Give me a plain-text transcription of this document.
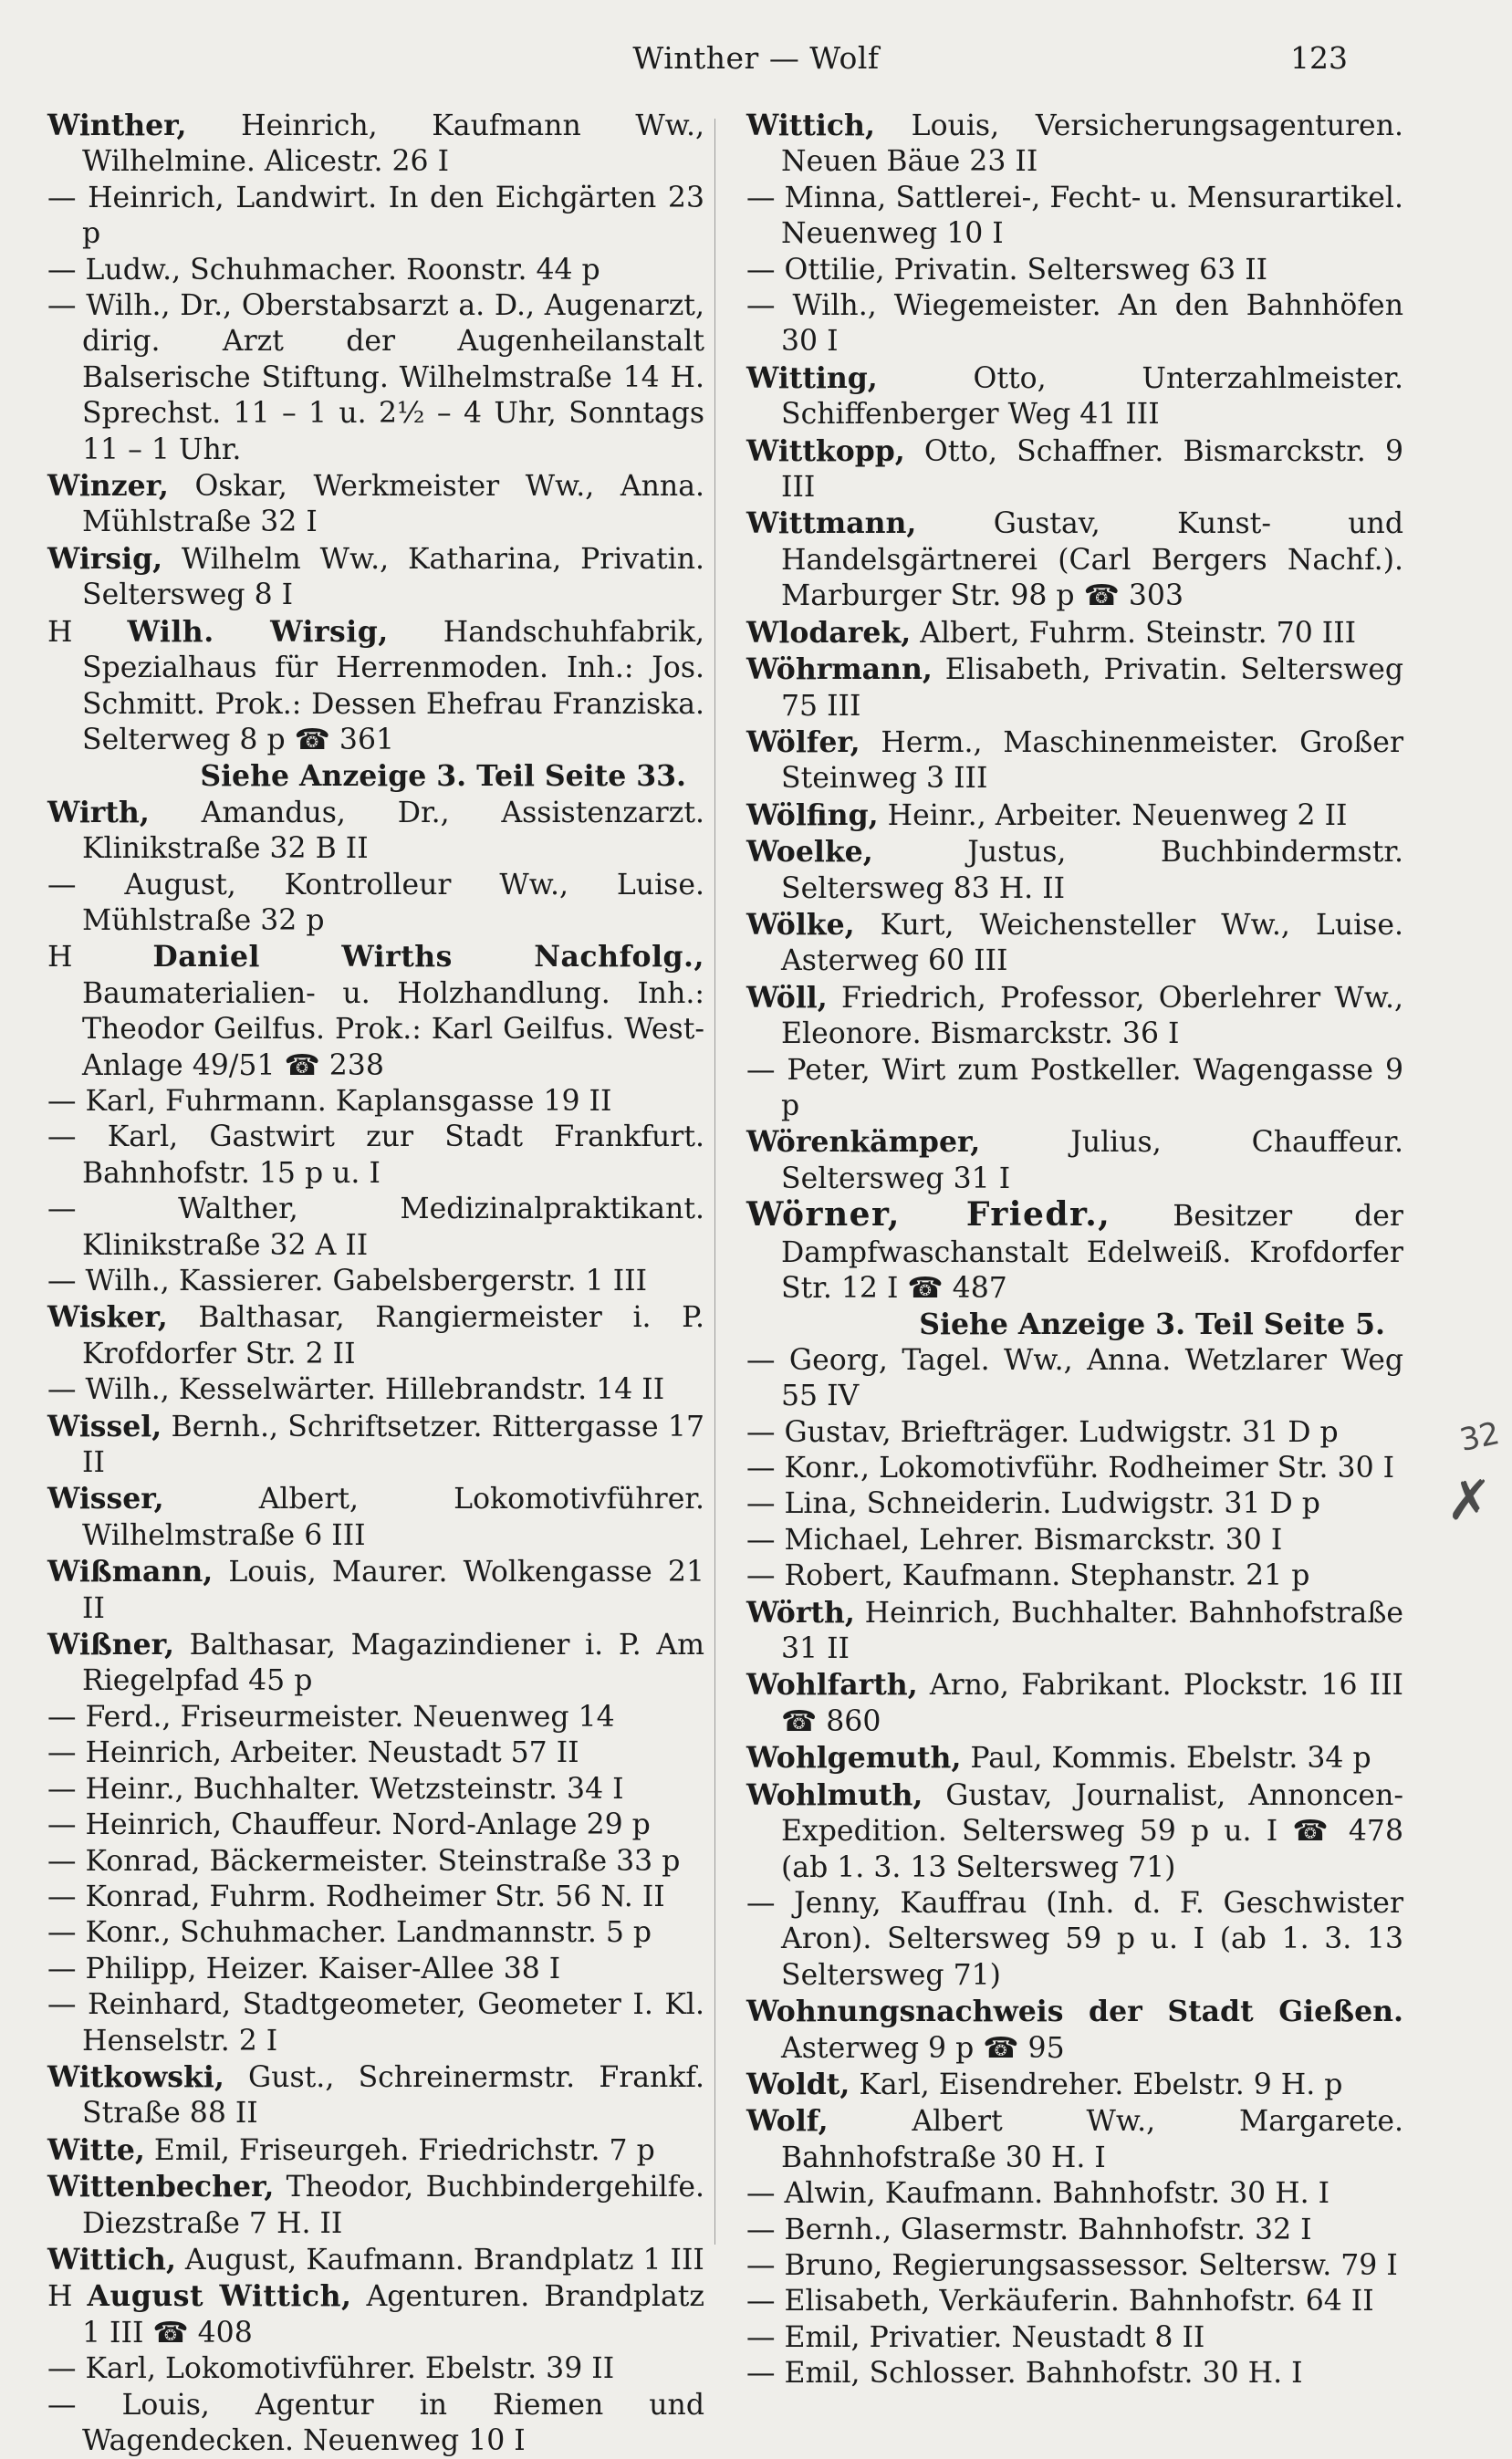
Winther — Wolf	123

Winther, Heinrich, Kaufmann Ww., Wilhelmine. Alicestr. 26 I

— Heinrich, Landwirt. In den Eichgärten 23 p

— Ludw., Schuhmacher. Roonstr. 44 p

— Wilh., Dr., Oberstabsarzt a. D., Augenarzt, dirig. Arzt der Augenheilanstalt Balserische Stiftung. Wilhelmstraße 14 H. Sprechst. 11 – 1 u. 2½ – 4 Uhr, Sonntags 11 – 1 Uhr.

Winzer, Oskar, Werkmeister Ww., Anna. Mühlstraße 32 I

Wirsig, Wilhelm Ww., Katharina, Privatin. Seltersweg 8 I

H Wilh. Wirsig, Handschuhfabrik, Spezialhaus für Herrenmoden. Inh.: Jos. Schmitt. Prok.: Dessen Ehefrau Franziska. Selterweg 8 p ☎ 361

Siehe Anzeige 3. Teil Seite 33.

Wirth, Amandus, Dr., Assistenzarzt. Klinikstraße 32 B II

— August, Kontrolleur Ww., Luise. Mühlstraße 32 p

H	Daniel Wirths Nachfolg., Baumaterialien- u. Holzhandlung. Inh.: Theodor Geilfus. Prok.: Karl Geilfus. West-Anlage 49/51 ☎ 238

— Karl, Fuhrmann. Kaplansgasse 19 II

— Karl, Gastwirt zur Stadt Frankfurt. Bahnhofstr. 15 p u. I

— Walther,	Medizinalpraktikant. Klinikstraße 32 A II

— Wilh., Kassierer. Gabelsbergerstr. 1 III

Wisker, Balthasar, Rangiermeister i. P. Krofdorfer Str. 2 II

— Wilh., Kesselwärter. Hillebrandstr. 14 II

Wissel, Bernh., Schriftsetzer. Rittergasse 17 II

Wisser,	Albert, Lokomotivführer. Wilhelmstraße 6 III

Wißmann, Louis, Maurer. Wolkengasse 21 II

Wißner, Balthasar, Magazindiener i. P. Am Riegelpfad 45 p

— Ferd., Friseurmeister. Neuenweg 14

— Heinrich, Arbeiter. Neustadt 57 II

— Heinr., Buchhalter. Wetzsteinstr. 34 I

— Heinrich, Chauffeur. Nord-Anlage 29 p

— Konrad, Bäckermeister. Steinstraße 33 p

— Konrad, Fuhrm. Rodheimer Str. 56 N. II

— Konr., Schuhmacher. Landmannstr. 5 p

— Philipp, Heizer. Kaiser-Allee 38 I

— Reinhard, Stadtgeometer, Geometer I. Kl. Henselstr. 2 I

Witkowski, Gust., Schreinermstr. Frankf. Straße 88 II

Witte, Emil, Friseurgeh. Friedrichstr. 7 p

Wittenbecher, Theodor, Buchbindergehilfe. Diezstraße 7 H. II

Wittich, August, Kaufmann. Brandplatz 1 III

H August Wittich, Agenturen. Brandplatz 1 III ☎ 408

— Karl, Lokomotivführer. Ebelstr. 39 II

— Louis, Agentur in Riemen und Wagendecken. Neuenweg 10 I

Wittich, Louis, Versicherungsagenturen. Neuen Bäue 23 II

— Minna, Sattlerei-, Fecht- u. Mensurartikel. Neuenweg 10 I

— Ottilie, Privatin. Seltersweg 63 II

— Wilh., Wiegemeister. An den Bahnhöfen 30 I

Witting,	Otto, Unterzahlmeister. Schiffenberger Weg 41 III

Wittkopp, Otto, Schaffner. Bismarckstr. 9 III

Wittmann,	Gustav, Kunst- und Handelsgärtnerei (Carl Bergers Nachf.). Marburger Str. 98 p ☎ 303

Wlodarek, Albert, Fuhrm. Steinstr. 70 III

Wöhrmann, Elisabeth, Privatin. Seltersweg 75 III

Wölfer, Herm., Maschinenmeister. Großer Steinweg 3 III

Wölfing, Heinr., Arbeiter. Neuenweg 2 II

Woelke,	Justus, Buchbindermstr. Seltersweg 83 H. II

Wölke, Kurt, Weichensteller Ww., Luise. Asterweg 60 III

Wöll, Friedrich, Professor, Oberlehrer Ww., Eleonore. Bismarckstr. 36 I

— Peter, Wirt zum Postkeller. Wagengasse 9 p

Wörenkämper,	Julius, Chauffeur. Seltersweg 31 I

Wörner, Friedr., Besitzer der Dampfwaschanstalt Edelweiß. Krofdorfer Str. 12 I ☎ 487

Siehe Anzeige 3. Teil Seite 5.

— Georg, Tagel. Ww., Anna. Wetzlarer Weg 55 IV

— Gustav, Briefträger. Ludwigstr. 31 D p

— Konr., Lokomotivführ. Rodheimer Str. 30 I

— Lina, Schneiderin. Ludwigstr. 31 D p

— Michael, Lehrer. Bismarckstr. 30 I

— Robert, Kaufmann. Stephanstr. 21 p

Wörth, Heinrich, Buchhalter. Bahnhofstraße 31 II

Wohlfarth, Arno, Fabrikant. Plockstr. 16 III ☎ 860

Wohlgemuth, Paul, Kommis. Ebelstr. 34 p

Wohlmuth, Gustav, Journalist, Annoncen-Expedition. Seltersweg 59 p u. I ☎ 478 (ab 1. 3. 13 Seltersweg 71)

— Jenny, Kauffrau (Inh. d. F. Geschwister Aron). Seltersweg 59 p u. I (ab 1. 3. 13 Seltersweg 71)

Wohnungsnachweis der Stadt Gießen. Asterweg 9 p ☎ 95

Woldt, Karl, Eisendreher. Ebelstr. 9 H. p

Wolf,	Albert Ww., Margarete. Bahnhofstraße 30 H. I

— Alwin, Kaufmann. Bahnhofstr. 30 H. I

— Bernh., Glasermstr. Bahnhofstr. 32 I

— Bruno, Regierungsassessor. Seltersw. 79 I

— Elisabeth, Verkäuferin. Bahnhofstr. 64 II

— Emil, Privatier. Neustadt 8 II

— Emil, Schlosser. Bahnhofstr. 30 H. I

32
✗
